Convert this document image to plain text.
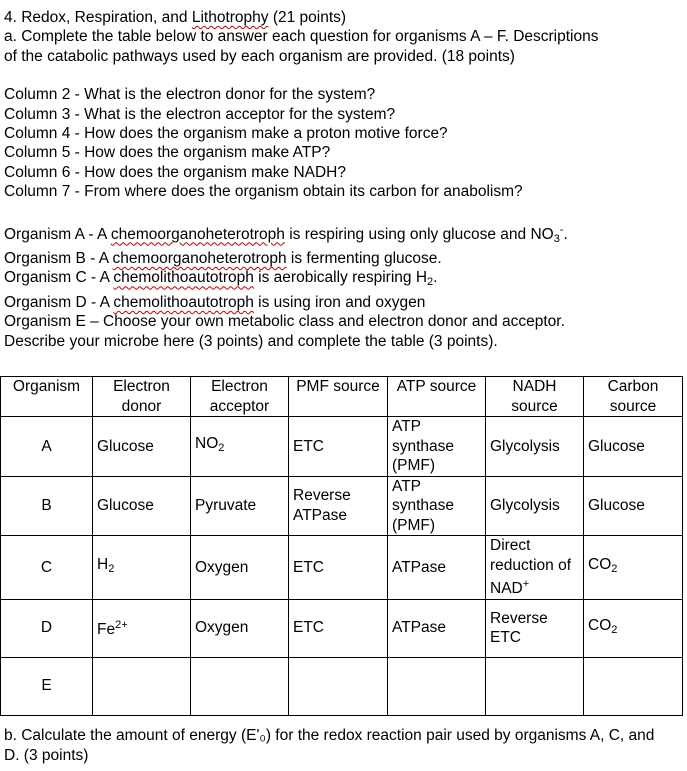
4. Redox, Respiration, and Lithotrophy (21 points)
a. Complete the table below to answer each question for organisms A – F. Descriptions
of the catabolic pathways used by each organism are provided. (18 points)
Column 2 - What is the electron donor for the system?
Column 3 - What is the electron acceptor for the system?
Column 4 - How does the organism make a proton motive force?
Column 5 - How does the organism make ATP?
Column 6 - How does the organism make NADH?
Column 7 - From where does the organism obtain its carbon for anabolism?
Organism A - A chemoorganoheterotroph is respiring using only glucose and $NO_3^-$.
Organism B - A chemoorganoheterotroph is fermenting glucose.
Organism C - A chemolithoautotroph is aerobically respiring $H_2$.
Organism D - A chemolithoautotroph is using iron and oxygen
Organism E – Choose your own metabolic class and electron donor and acceptor.
Describe your microbe here (3 points) and complete the table (3 points).
Organism	Electron donor	Electron acceptor	PMF source	ATP source	NADH source	Carbon source
A	Glucose	$NO_2$	ETC	ATP synthase (PMF)	Glycolysis	Glucose
B	Glucose	Pyruvate	Reverse ATPase	ATP synthase (PMF)	Glycolysis	Glucose
C	$H_2$	Oxygen	ETC	ATPase	Direct reduction of NAD+	$CO_2$
D	$Fe^{2+}$	Oxygen	ETC	ATPase	Reverse ETC	$CO_2$
E						
b. Calculate the amount of energy (E'₀) for the redox reaction pair used by organisms A, C, and D. (3 points)
